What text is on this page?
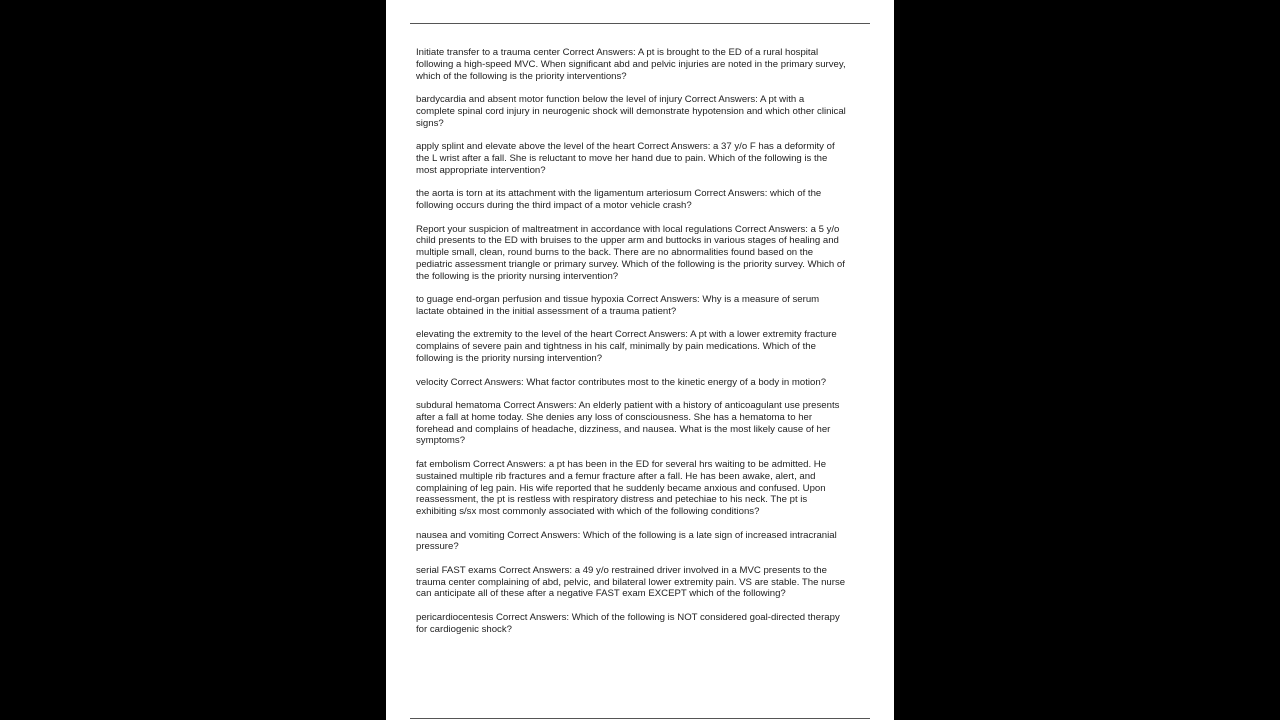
Initiate transfer to a trauma center Correct Answers: A pt is brought to the ED of a rural hospital
following a high-speed MVC. When significant abd and pelvic injuries are noted in the primary survey,
which of the following is the priority interventions?

bardycardia and absent motor function below the level of injury Correct Answers: A pt with a
complete spinal cord injury in neurogenic shock will demonstrate hypotension and which other clinical
signs?

apply splint and elevate above the level of the heart Correct Answers: a 37 y/o F has a deformity of
the L wrist after a fall. She is reluctant to move her hand due to pain. Which of the following is the
most appropriate intervention?

the aorta is torn at its attachment with the ligamentum arteriosum Correct Answers: which of the
following occurs during the third impact of a motor vehicle crash?

Report your suspicion of maltreatment in accordance with local regulations Correct Answers: a 5 y/o
child presents to the ED with bruises to the upper arm and buttocks in various stages of healing and
multiple small, clean, round burns to the back. There are no abnormalities found based on the
pediatric assessment triangle or primary survey. Which of the following is the priority survey. Which of
the following is the priority nursing intervention?

to guage end-organ perfusion and tissue hypoxia Correct Answers: Why is a measure of serum
lactate obtained in the initial assessment of a trauma patient?

elevating the extremity to the level of the heart Correct Answers: A pt with a lower extremity fracture
complains of severe pain and tightness in his calf, minimally by pain medications. Which of the
following is the priority nursing intervention?

velocity Correct Answers: What factor contributes most to the kinetic energy of a body in motion?

subdural hematoma Correct Answers: An elderly patient with a history of anticoagulant use presents
after a fall at home today. She denies any loss of consciousness. She has a hematoma to her
forehead and complains of headache, dizziness, and nausea. What is the most likely cause of her
symptoms?

fat embolism Correct Answers: a pt has been in the ED for several hrs waiting to be admitted. He
sustained multiple rib fractures and a femur fracture after a fall. He has been awake, alert, and
complaining of leg pain. His wife reported that he suddenly became anxious and confused. Upon
reassessment, the pt is restless with respiratory distress and petechiae to his neck. The pt is
exhibiting s/sx most commonly associated with which of the following conditions?

nausea and vomiting Correct Answers: Which of the following is a late sign of increased intracranial
pressure?

serial FAST exams Correct Answers: a 49 y/o restrained driver involved in a MVC presents to the
trauma center complaining of abd, pelvic, and bilateral lower extremity pain. VS are stable. The nurse
can anticipate all of these after a negative FAST exam EXCEPT which of the following?

pericardiocentesis Correct Answers: Which of the following is NOT considered goal-directed therapy
for cardiogenic shock?
